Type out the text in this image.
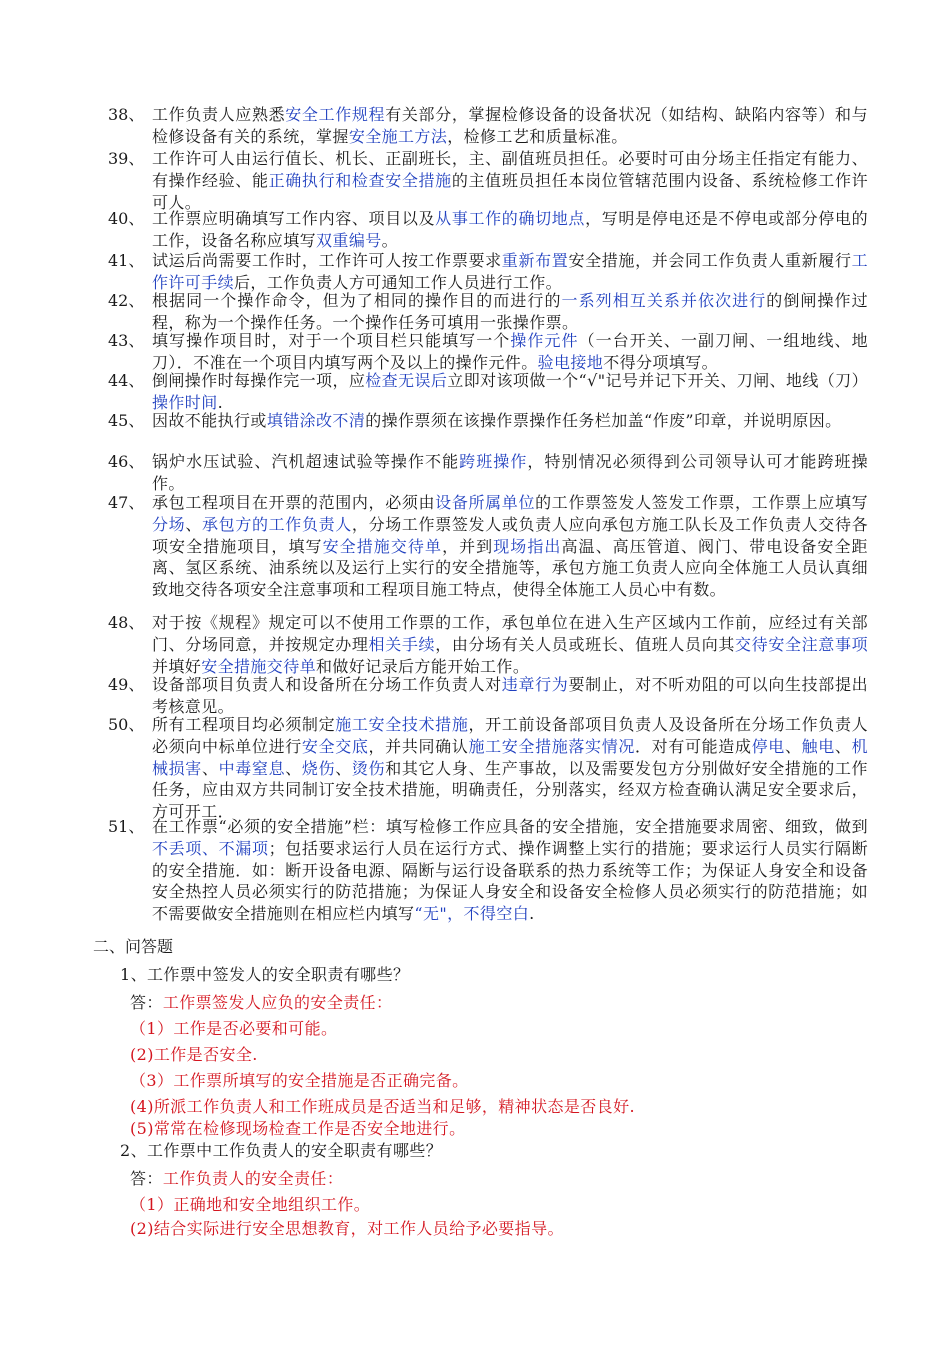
38、 工作负责人应熟悉安全工作规程有关部分，掌握检修设备的设备状况（如结构、缺陷内容等）和与检修设备有关的系统，掌握安全施工方法，检修工艺和质量标准。
39、 工作许可人由运行值长、机长、正副班长，主、副值班员担任。必要时可由分场主任指定有能力、有操作经验、能正确执行和检查安全措施的主值班员担任本岗位管辖范围内设备、系统检修工作许可人。
40、 工作票应明确填写工作内容、项目以及从事工作的确切地点，写明是停电还是不停电或部分停电的工作，设备名称应填写双重编号。
41、 试运后尚需要工作时，工作许可人按工作票要求重新布置安全措施，并会同工作负责人重新履行工作许可手续后，工作负责人方可通知工作人员进行工作。
42、 根据同一个操作命令，但为了相同的操作目的而进行的一系列相互关系并依次进行的倒闸操作过程，称为一个操作任务。一个操作任务可填用一张操作票。
43、 填写操作项目时，对于一个项目栏只能填写一个操作元件（一台开关、一副刀闸、一组地线、地刀）．不准在一个项目内填写两个及以上的操作元件。验电接地不得分项填写。
44、 倒闸操作时每操作完一项，应检查无误后立即对该项做一个“√"记号并记下开关、刀闸、地线（刀）操作时间.
45、 因故不能执行或填错涂改不清的操作票须在该操作票操作任务栏加盖“作废”印章，并说明原因。
46、 锅炉水压试验、汽机超速试验等操作不能跨班操作，特别情况必须得到公司领导认可才能跨班操作。
47、 承包工程项目在开票的范围内，必须由设备所属单位的工作票签发人签发工作票，工作票上应填写分场、承包方的工作负责人，分场工作票签发人或负责人应向承包方施工队长及工作负责人交待各项安全措施项目，填写安全措施交待单，并到现场指出高温、高压管道、阀门、带电设备安全距离、氢区系统、油系统以及运行上实行的安全措施等，承包方施工负责人应向全体施工人员认真细致地交待各项安全注意事项和工程项目施工特点，使得全体施工人员心中有数。
48、 对于按《规程》规定可以不使用工作票的工作，承包单位在进入生产区域内工作前，应经过有关部门、分场同意，并按规定办理相关手续，由分场有关人员或班长、值班人员向其交待安全注意事项并填好安全措施交待单和做好记录后方能开始工作。
49、 设备部项目负责人和设备所在分场工作负责人对违章行为要制止，对不听劝阻的可以向生技部提出考核意见。
50、 所有工程项目均必须制定施工安全技术措施，开工前设备部项目负责人及设备所在分场工作负责人必须向中标单位进行安全交底，并共同确认施工安全措施落实情况．对有可能造成停电、触电、机械损害、中毒窒息、烧伤、烫伤和其它人身、生产事故，以及需要发包方分别做好安全措施的工作任务，应由双方共同制订安全技术措施，明确责任，分别落实，经双方检查确认满足安全要求后，方可开工．
51、 在工作票“必须的安全措施”栏：填写检修工作应具备的安全措施，安全措施要求周密、细致，做到不丢项、不漏项；包括要求运行人员在运行方式、操作调整上实行的措施；要求运行人员实行隔断的安全措施．如：断开设备电源、隔断与运行设备联系的热力系统等工作；为保证人身安全和设备安全热控人员必须实行的防范措施；为保证人身安全和设备安全检修人员必须实行的防范措施；如不需要做安全措施则在相应栏内填写“无"，不得空白.
二、问答题
1、工作票中签发人的安全职责有哪些？
答：工作票签发人应负的安全责任：
（1）工作是否必要和可能。
(2)工作是否安全.
（3）工作票所填写的安全措施是否正确完备。
(4)所派工作负责人和工作班成员是否适当和足够，精神状态是否良好.
(5)常常在检修现场检查工作是否安全地进行。
2、工作票中工作负责人的安全职责有哪些？
答：工作负责人的安全责任：
（1）正确地和安全地组织工作。
(2)结合实际进行安全思想教育，对工作人员给予必要指导。
